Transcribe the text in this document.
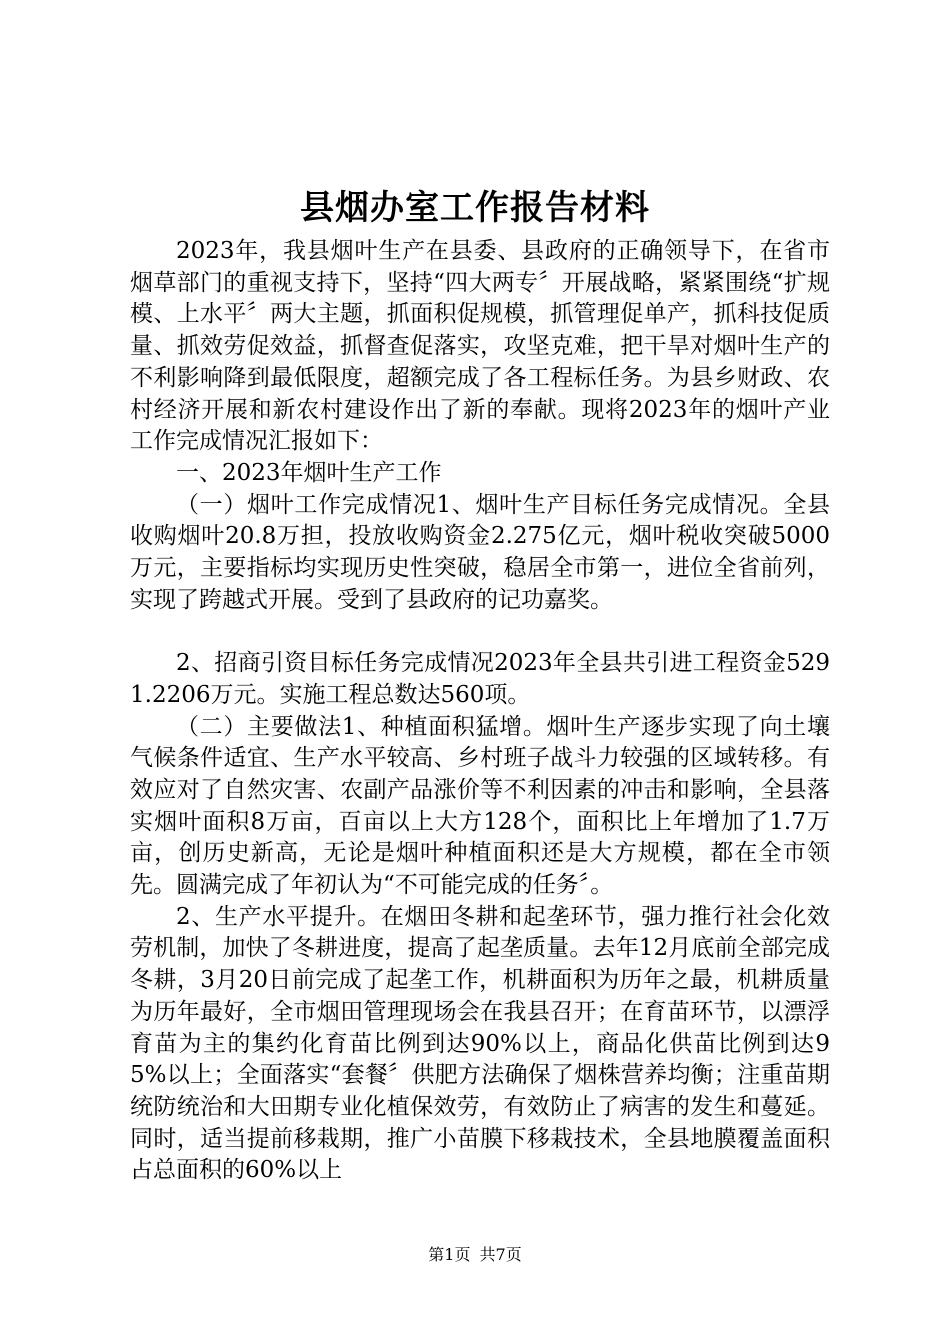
县烟办室工作报告材料

2023年，我县烟叶生产在县委、县政府的正确领导下，在省市烟草部门的重视支持下，坚持“四大两专〞开展战略，紧紧围绕“扩规模、上水平〞两大主题，抓面积促规模，抓管理促单产，抓科技促质量、抓效劳促效益，抓督查促落实，攻坚克难，把干旱对烟叶生产的不利影响降到最低限度，超额完成了各工程标任务。为县乡财政、农村经济开展和新农村建设作出了新的奉献。现将2023年的烟叶产业工作完成情况汇报如下：

一、2023年烟叶生产工作

（一）烟叶工作完成情况1、烟叶生产目标任务完成情况。全县收购烟叶20.8万担，投放收购资金2.275亿元，烟叶税收突破5000万元，主要指标均实现历史性突破，稳居全市第一，进位全省前列，实现了跨越式开展。受到了县政府的记功嘉奖。

2、招商引资目标任务完成情况2023年全县共引进工程资金5291.2206万元。实施工程总数达560项。

（二）主要做法1、种植面积猛增。烟叶生产逐步实现了向土壤气候条件适宜、生产水平较高、乡村班子战斗力较强的区域转移。有效应对了自然灾害、农副产品涨价等不利因素的冲击和影响，全县落实烟叶面积8万亩，百亩以上大方128个，面积比上年增加了1.7万亩，创历史新高，无论是烟叶种植面积还是大方规模，都在全市领先。圆满完成了年初认为“不可能完成的任务〞。

2、生产水平提升。在烟田冬耕和起垄环节，强力推行社会化效劳机制，加快了冬耕进度，提高了起垄质量。去年12月底前全部完成冬耕，3月20日前完成了起垄工作，机耕面积为历年之最，机耕质量为历年最好，全市烟田管理现场会在我县召开；在育苗环节，以漂浮育苗为主的集约化育苗比例到达90%以上，商品化供苗比例到达95%以上；全面落实“套餐〞供肥方法确保了烟株营养均衡；注重苗期统防统治和大田期专业化植保效劳，有效防止了病害的发生和蔓延。同时，适当提前移栽期，推广小苗膜下移栽技术，全县地膜覆盖面积占总面积的60%以上

第1页 共7页
